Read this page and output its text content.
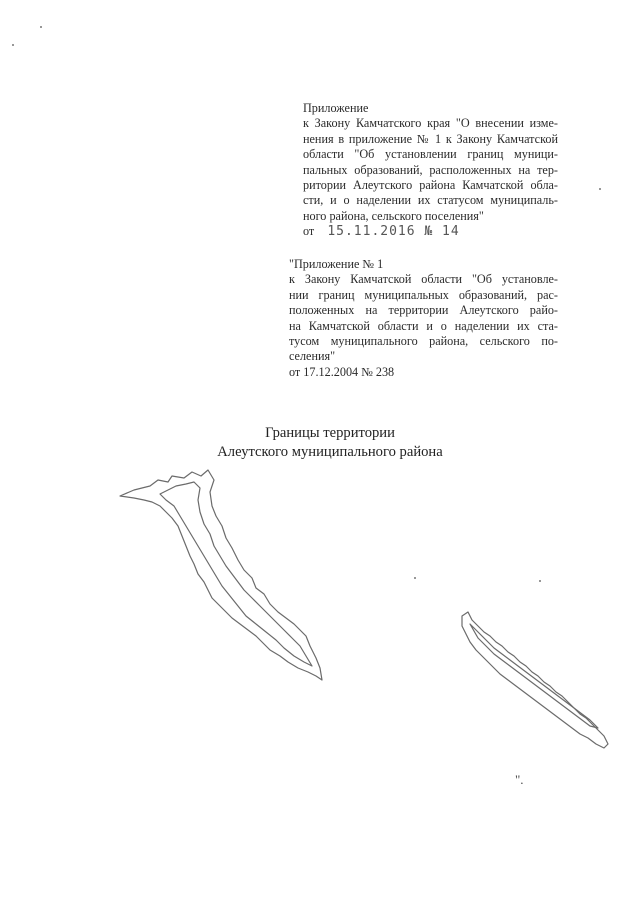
Приложение
к Закону Камчатского края "О внесении изме-
нения в приложение № 1 к Закону Камчатской
области "Об установлении границ муници-
пальных образований, расположенных на тер-
ритории Алеутского района Камчатской обла-
сти, и о наделении их статусом муниципаль-
ного района, сельского поселения"
от 15.11.2016 № 14
"Приложение № 1
к Закону Камчатской области "Об установле-
нии границ муниципальных образований, рас-
положенных на территории Алеутского райо-
на Камчатской области и о наделении их ста-
тусом муниципального района, сельского по-
селения"
от 17.12.2004 № 238
Границы территории
Алеутского муниципального района
".
